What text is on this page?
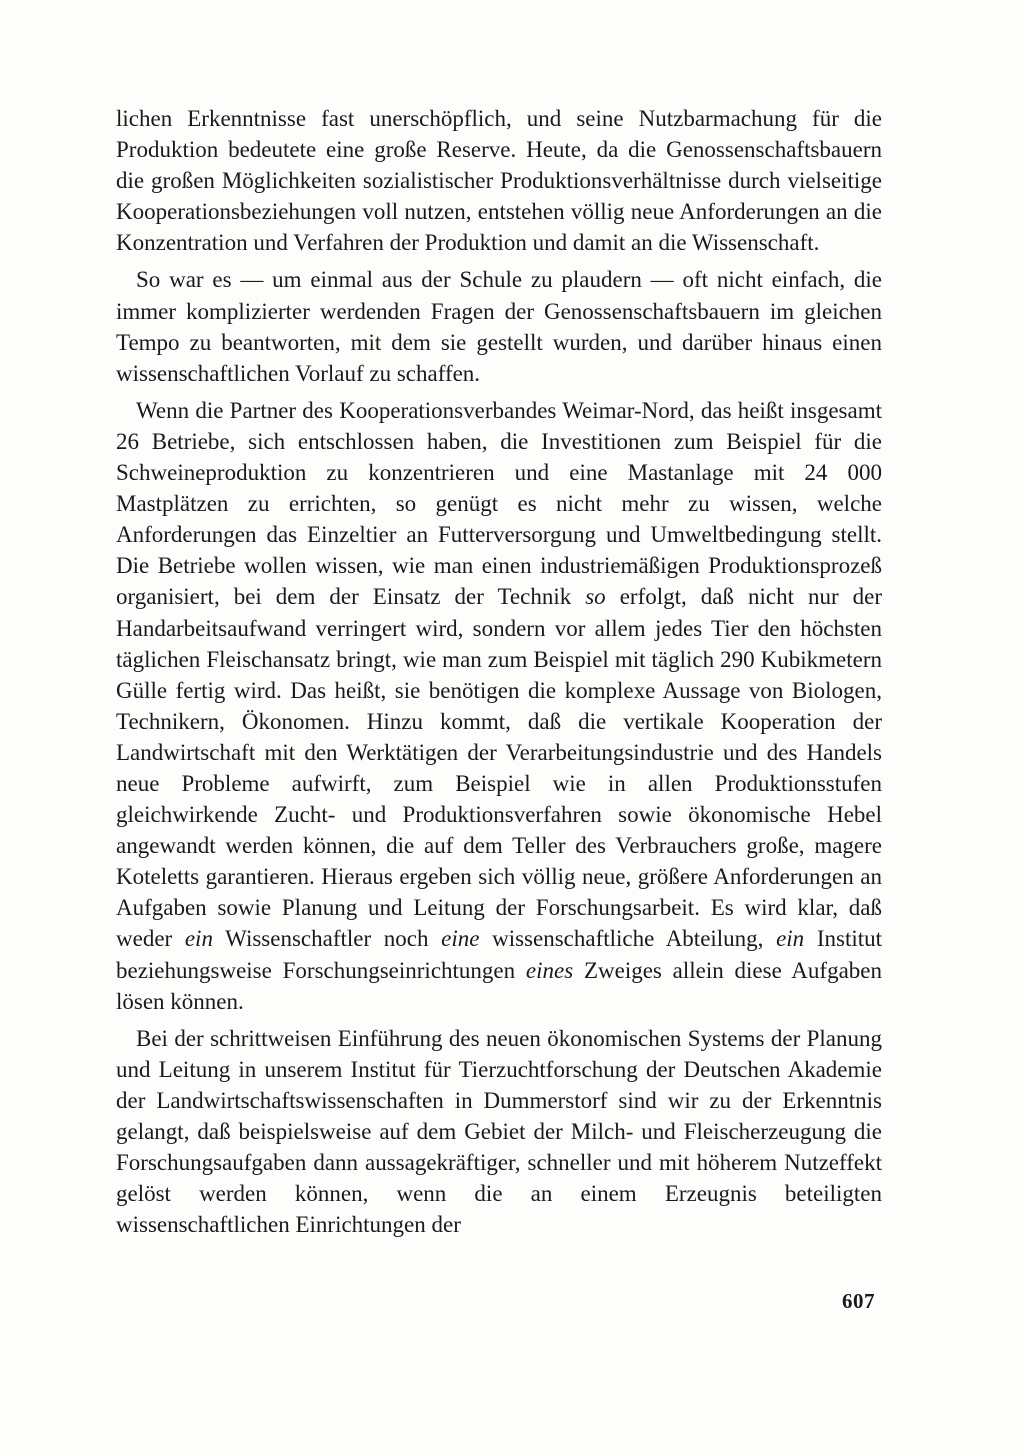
lichen Erkenntnisse fast unerschöpflich, und seine Nutzbarmachung für die Produktion bedeutete eine große Reserve. Heute, da die Genossenschaftsbauern die großen Möglichkeiten sozialistischer Produktionsverhältnisse durch vielseitige Kooperationsbeziehungen voll nutzen, entstehen völlig neue Anforderungen an die Konzentration und Verfahren der Produktion und damit an die Wissenschaft.

So war es — um einmal aus der Schule zu plaudern — oft nicht einfach, die immer komplizierter werdenden Fragen der Genossenschaftsbauern im gleichen Tempo zu beantworten, mit dem sie gestellt wurden, und darüber hinaus einen wissenschaftlichen Vorlauf zu schaffen.

Wenn die Partner des Kooperationsverbandes Weimar-Nord, das heißt insgesamt 26 Betriebe, sich entschlossen haben, die Investitionen zum Beispiel für die Schweineproduktion zu konzentrieren und eine Mastanlage mit 24 000 Mastplätzen zu errichten, so genügt es nicht mehr zu wissen, welche Anforderungen das Einzeltier an Futterversorgung und Umweltbedingung stellt. Die Betriebe wollen wissen, wie man einen industriemäßigen Produktionsprozeß organisiert, bei dem der Einsatz der Technik so erfolgt, daß nicht nur der Handarbeitsaufwand verringert wird, sondern vor allem jedes Tier den höchsten täglichen Fleischansatz bringt, wie man zum Beispiel mit täglich 290 Kubikmetern Gülle fertig wird. Das heißt, sie benötigen die komplexe Aussage von Biologen, Technikern, Ökonomen. Hinzu kommt, daß die vertikale Kooperation der Landwirtschaft mit den Werktätigen der Verarbeitungsindustrie und des Handels neue Probleme aufwirft, zum Beispiel wie in allen Produktionsstufen gleichwirkende Zucht- und Produktionsverfahren sowie ökonomische Hebel angewandt werden können, die auf dem Teller des Verbrauchers große, magere Koteletts garantieren. Hieraus ergeben sich völlig neue, größere Anforderungen an Aufgaben sowie Planung und Leitung der Forschungsarbeit. Es wird klar, daß weder ein Wissenschaftler noch eine wissenschaftliche Abteilung, ein Institut beziehungsweise Forschungseinrichtungen eines Zweiges allein diese Aufgaben lösen können.

Bei der schrittweisen Einführung des neuen ökonomischen Systems der Planung und Leitung in unserem Institut für Tierzuchtforschung der Deutschen Akademie der Landwirtschaftswissenschaften in Dummerstorf sind wir zu der Erkenntnis gelangt, daß beispielsweise auf dem Gebiet der Milch- und Fleischerzeugung die Forschungsaufgaben dann aussagekräftiger, schneller und mit höherem Nutzeffekt gelöst werden können, wenn die an einem Erzeugnis beteiligten wissenschaftlichen Einrichtungen der

607
